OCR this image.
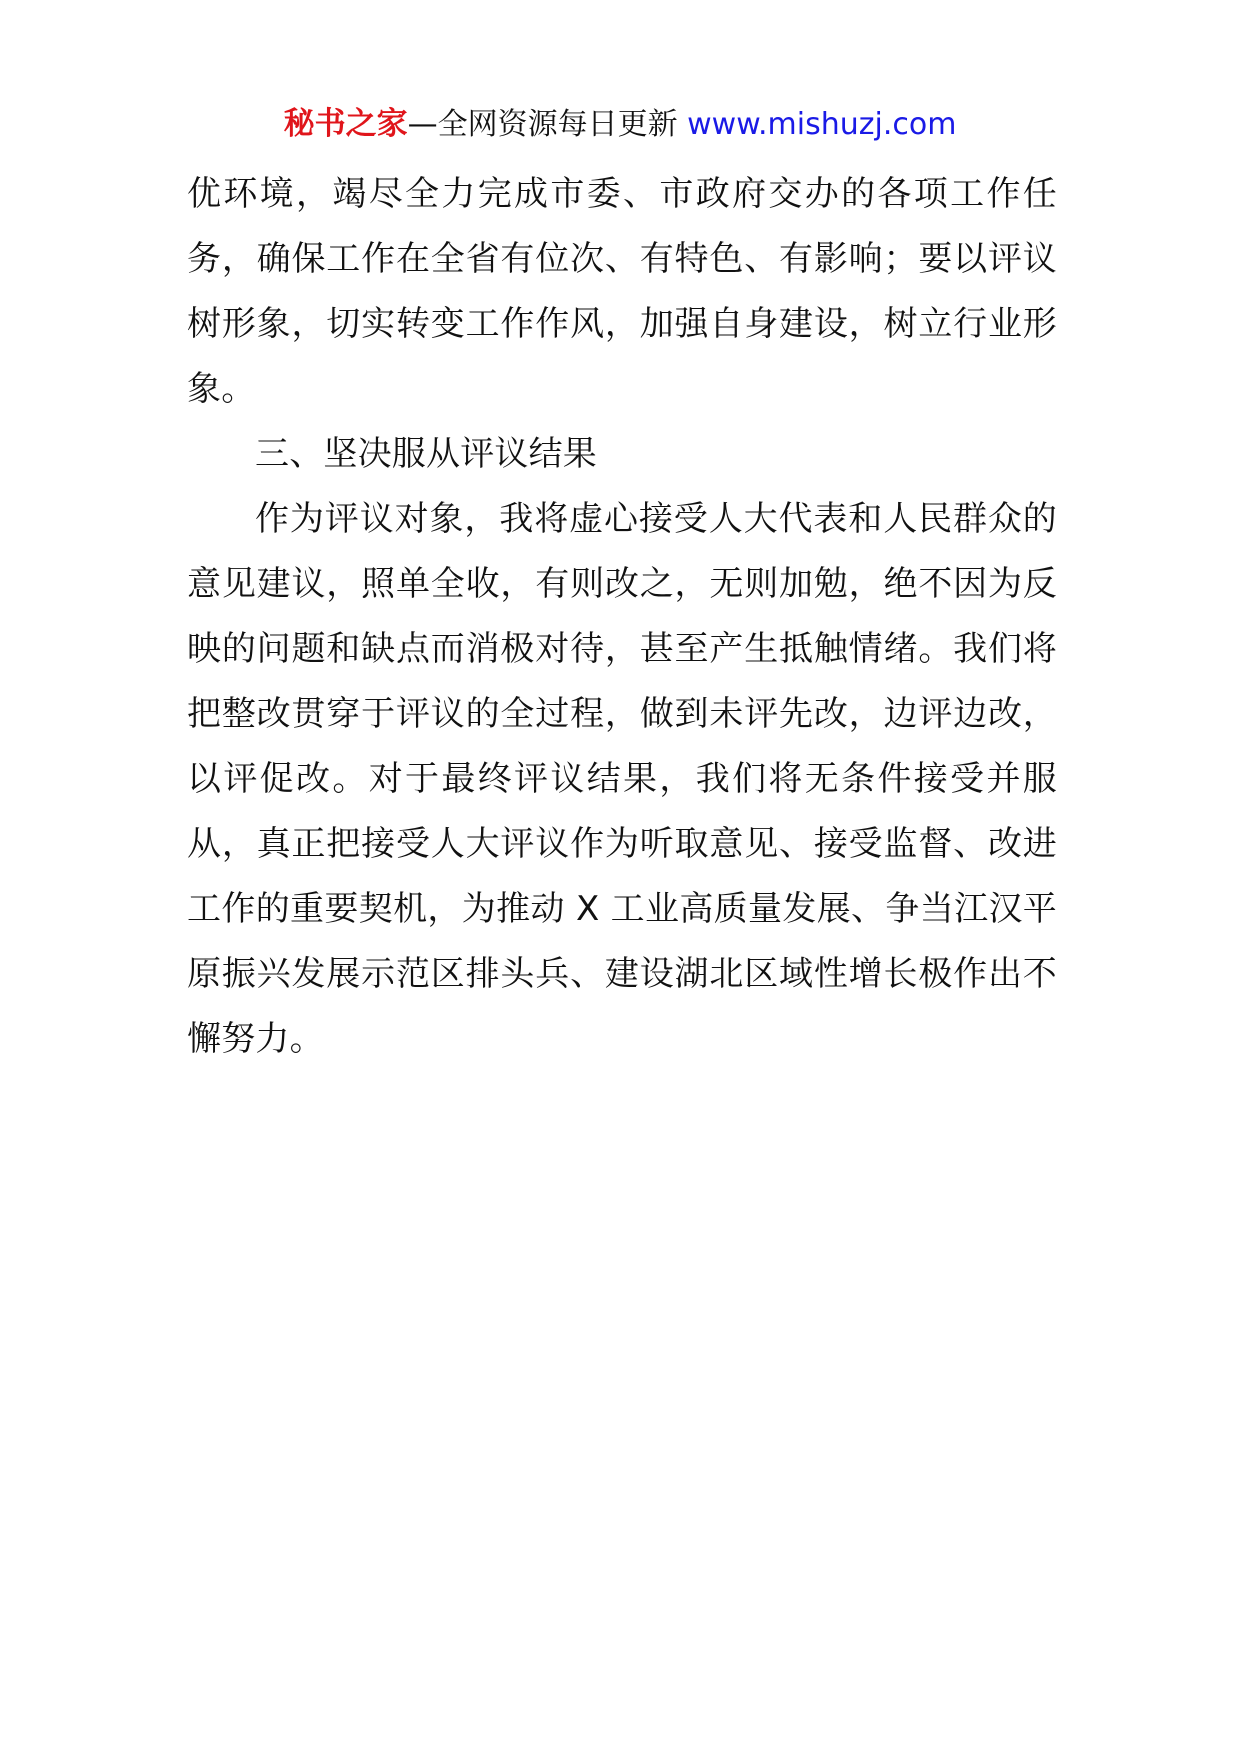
秘书之家—全网资源每日更新 www.mishuzj.com

优环境，竭尽全力完成市委、市政府交办的各项工作任务，确保工作在全省有位次、有特色、有影响；要以评议树形象，切实转变工作作风，加强自身建设，树立行业形象。

三、坚决服从评议结果

作为评议对象，我将虚心接受人大代表和人民群众的意见建议，照单全收，有则改之，无则加勉，绝不因为反映的问题和缺点而消极对待，甚至产生抵触情绪。我们将把整改贯穿于评议的全过程，做到未评先改，边评边改，以评促改。对于最终评议结果，我们将无条件接受并服从，真正把接受人大评议作为听取意见、接受监督、改进工作的重要契机，为推动 X 工业高质量发展、争当江汉平原振兴发展示范区排头兵、建设湖北区域性增长极作出不懈努力。
